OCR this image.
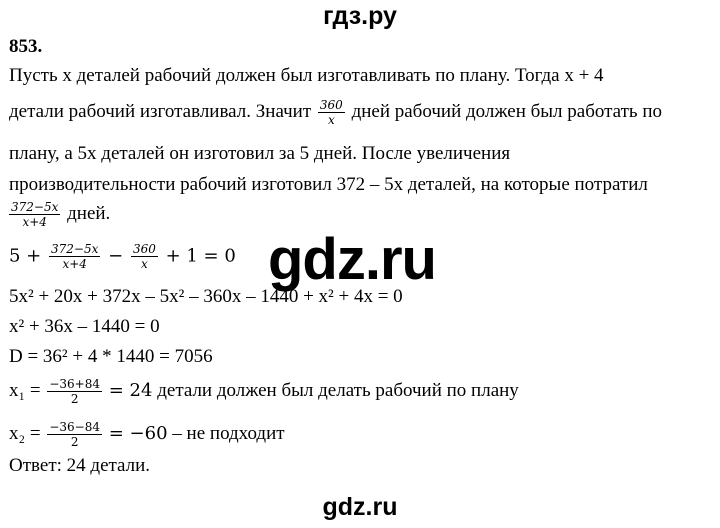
гдз.ру
853.
Пусть x деталей рабочий должен был изготавливать по плану. Тогда x + 4
детали рабочий изготавливал. Значит $\frac{360}{x}$ дней рабочий должен был работать по
плану, а 5x деталей он изготовил за 5 дней. После увеличения
производительности рабочий изготовил 372 – 5x деталей, на которые потратил
$\frac{372-5x}{x+4}$ дней.
$5 + \frac{372-5x}{x+4} - \frac{360}{x} + 1 = 0$ gdz.ru
5x² + 20x + 372x – 5x² – 360x – 1440 + x² + 4x = 0
x² + 36x – 1440 = 0
D = 36² + 4 * 1440 = 7056
$x_1 = \frac{-36+84}{2} = 24$ детали должен был делать рабочий по плану
$x_2 = \frac{-36-84}{2} = -60$ – не подходит
Ответ: 24 детали.
gdz.ru
